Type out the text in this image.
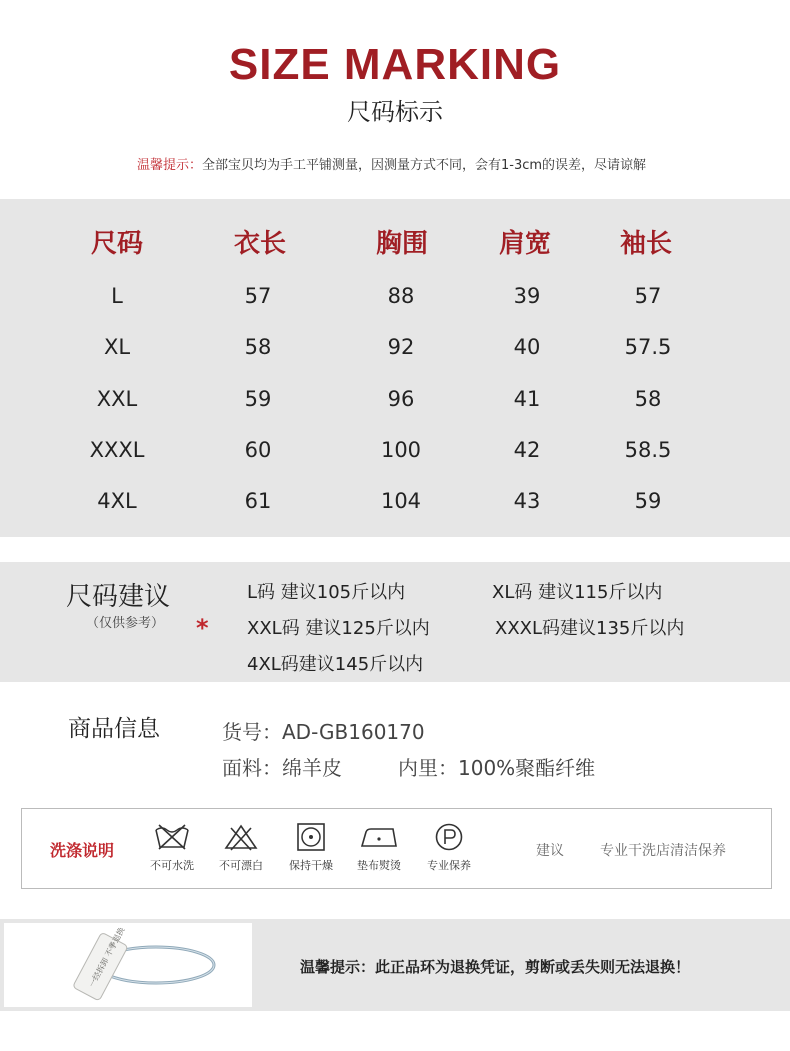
SIZE MARKING
尺码标示
温馨提示：全部宝贝均为手工平铺测量，因测量方式不同，会有1-3cm的误差，尽请谅解
尺码	衣长	胸围	肩宽	袖长
L	57	88	39	57
XL	58	92	40	57.5
XXL	59	96	41	58
XXXL	60	100	42	58.5
4XL	61	104	43	59
尺码建议
（仅供参考） *
L码 建议105斤以内	XL码 建议115斤以内
XXL码 建议125斤以内	XXXL码建议135斤以内
4XL码建议145斤以内
商品信息	货号：AD-GB160170
面料：绵羊皮	内里：100%聚酯纤维
洗涤说明
不可水洗	不可漂白	保持干燥	垫布熨烫	专业保养
建议	专业干洗店清洁保养
一经拆卸 不予退换	温馨提示：此正品环为退换凭证，剪断或丢失则无法退换！
